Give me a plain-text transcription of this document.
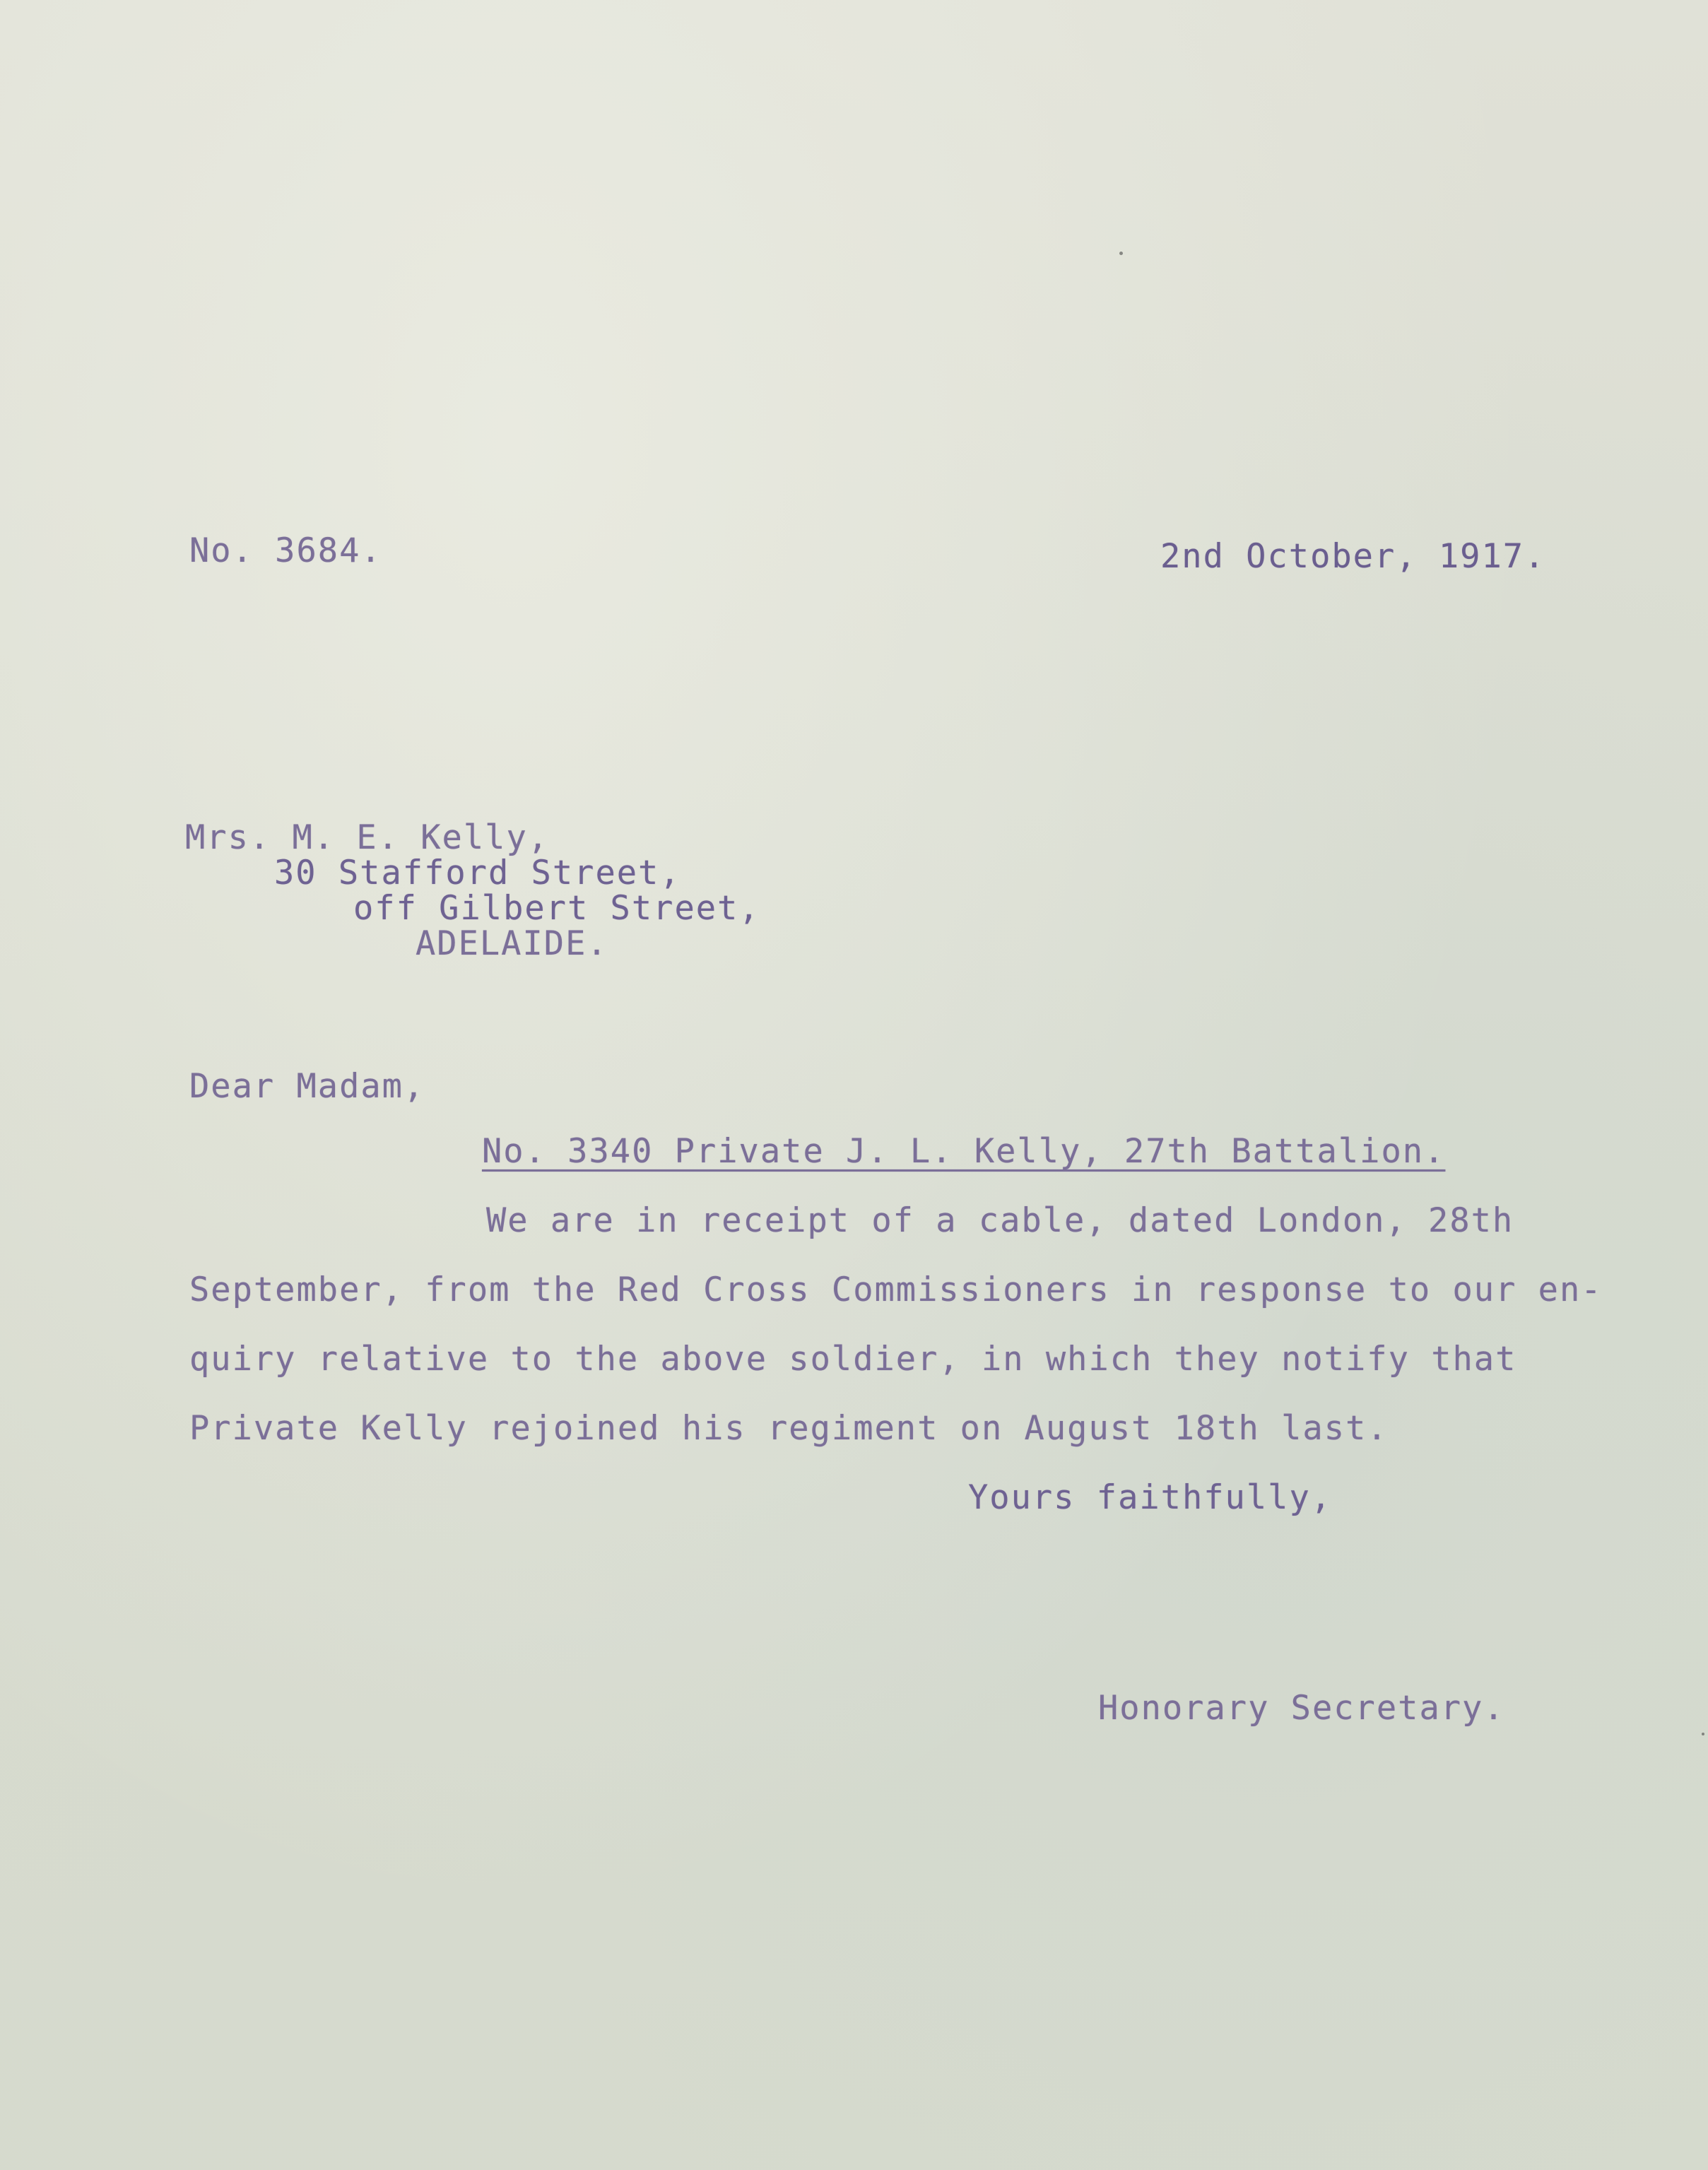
No. 3684.	2nd October, 1917.
Mrs. M. E. Kelly,
30 Stafford Street,
off Gilbert Street,
ADELAIDE.
Dear Madam,
No. 3340 Private J. L. Kelly, 27th Battalion.
We are in receipt of a cable, dated London, 28th
September, from the Red Cross Commissioners in response to our en-
quiry relative to the above soldier, in which they notify that
Private Kelly rejoined his regiment on August 18th last.
Yours faithfully,
Honorary Secretary.
